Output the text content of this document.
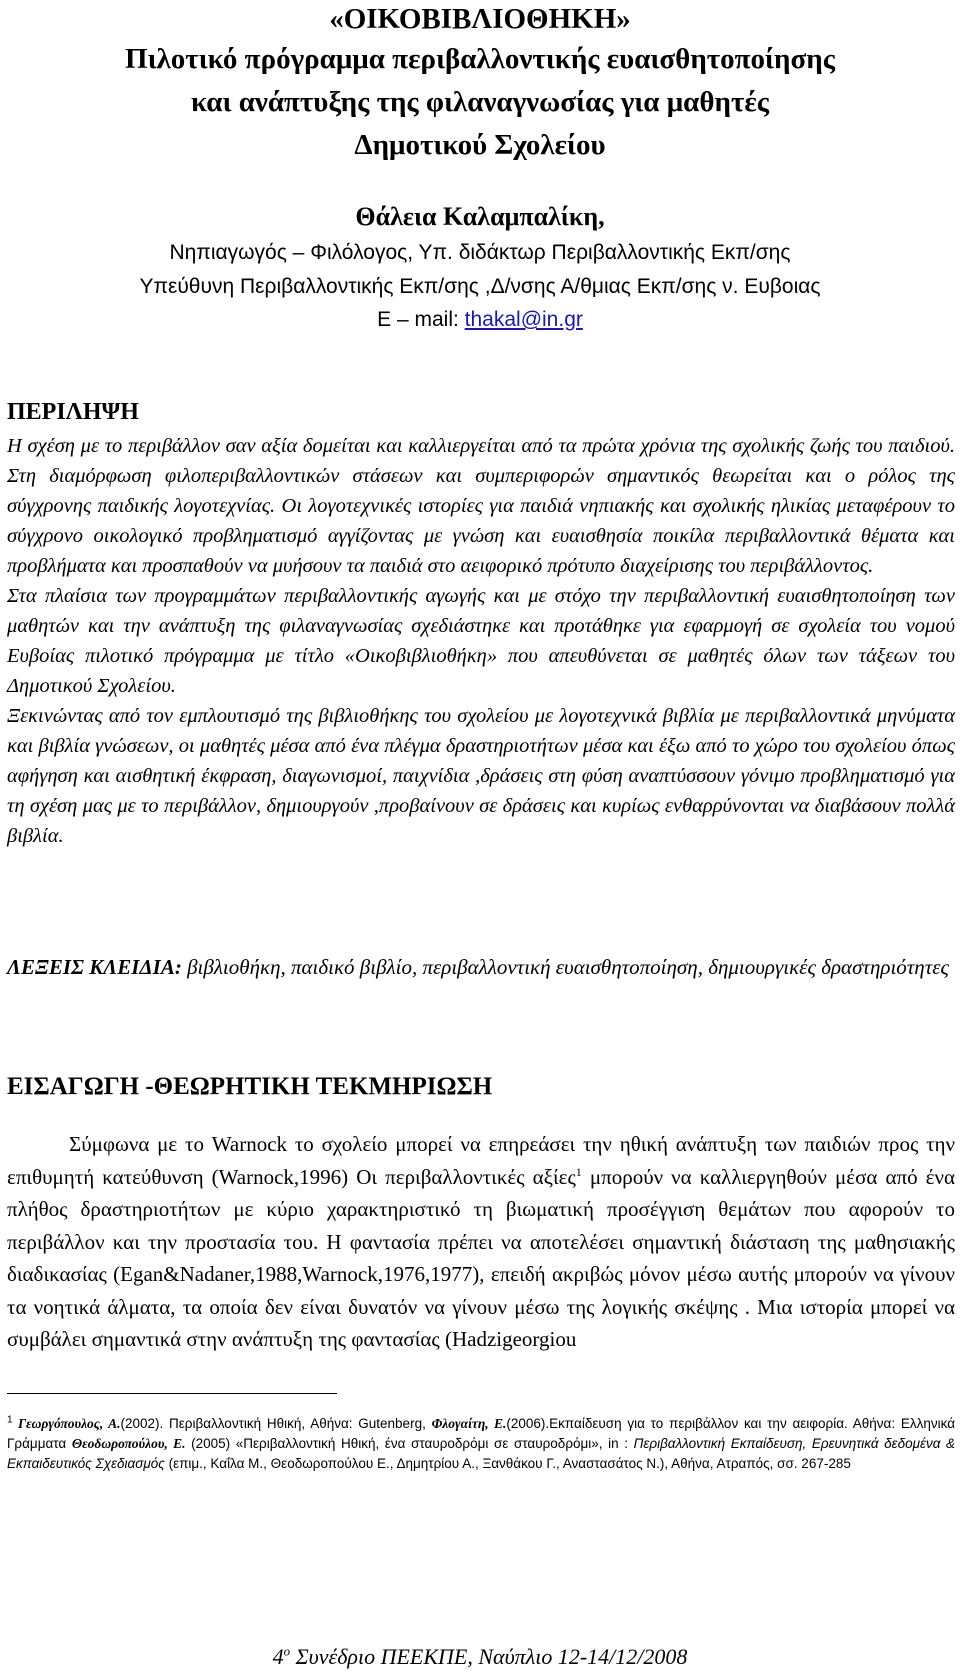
«ΟΙΚΟΒΙΒΛΙΟΘΗΚΗ»
Πιλοτικό πρόγραμμα περιβαλλοντικής ευαισθητοποίησης
και ανάπτυξης της φιλαναγνωσίας για μαθητές
Δημοτικού Σχολείου
Θάλεια Καλαμπαλίκη,
Νηπιαγωγός – Φιλόλογος, Υπ. διδάκτωρ Περιβαλλοντικής Εκπ/σης
Υπεύθυνη Περιβαλλοντικής Εκπ/σης ,Δ/νσης Α/θμιας Εκπ/σης ν. Ευβοιας
E – mail: thakal@in.gr
ΠΕΡΙΛΗΨΗ

Η σχέση με το περιβάλλον σαν αξία δομείται και καλλιεργείται από τα πρώτα χρόνια της σχολικής ζωής του παιδιού. Στη διαμόρφωση φιλοπεριβαλλοντικών στάσεων και συμπεριφορών σημαντικός θεωρείται και ο ρόλος της σύγχρονης παιδικής λογοτεχνίας. Οι λογοτεχνικές ιστορίες για παιδιά νηπιακής και σχολικής ηλικίας μεταφέρουν το σύγχρονο οικολογικό προβληματισμό αγγίζοντας με γνώση και ευαισθησία ποικίλα περιβαλλοντικά θέματα και προβλήματα και προσπαθούν να μυήσουν τα παιδιά στο αειφορικό πρότυπο διαχείρισης του περιβάλλοντος.

Στα πλαίσια των προγραμμάτων περιβαλλοντικής αγωγής και με στόχο την περιβαλλοντική ευαισθητοποίηση των μαθητών και την ανάπτυξη της φιλαναγνωσίας σχεδιάστηκε και προτάθηκε για εφαρμογή σε σχολεία του νομού Ευβοίας πιλοτικό πρόγραμμα με τίτλο «Οικοβιβλιοθήκη» που απευθύνεται σε μαθητές όλων των τάξεων του Δημοτικού Σχολείου.

Ξεκινώντας από τον εμπλουτισμό της βιβλιοθήκης του σχολείου με λογοτεχνικά βιβλία με περιβαλλοντικά μηνύματα και βιβλία γνώσεων, οι μαθητές μέσα από ένα πλέγμα δραστηριοτήτων μέσα και έξω από το χώρο του σχολείου όπως αφήγηση και αισθητική έκφραση, διαγωνισμοί, παιχνίδια ,δράσεις στη φύση αναπτύσσουν γόνιμο προβληματισμό για τη σχέση μας με το περιβάλλον, δημιουργούν ,προβαίνουν σε δράσεις και κυρίως ενθαρρύνονται να διαβάσουν πολλά βιβλία.

ΛΕΞΕΙΣ ΚΛΕΙΔΙΑ: βιβλιοθήκη, παιδικό βιβλίο, περιβαλλοντική ευαισθητοποίηση, δημιουργικές δραστηριότητες
ΕΙΣΑΓΩΓΗ -ΘΕΩΡΗΤΙΚΗ ΤΕΚΜΗΡΙΩΣΗ

Σύμφωνα με το Warnock το σχολείο μπορεί να επηρεάσει την ηθική ανάπτυξη των παιδιών προς την επιθυμητή κατεύθυνση (Warnock,1996) Οι περιβαλλοντικές αξίες$^1$ μπορούν να καλλιεργηθούν μέσα από ένα πλήθος δραστηριοτήτων με κύριο χαρακτηριστικό τη βιωματική προσέγγιση θεμάτων που αφορούν το περιβάλλον και την προστασία του. Η φαντασία πρέπει να αποτελέσει σημαντική διάσταση της μαθησιακής διαδικασίας (Egan&Nadaner,1988,Warnock,1976,1977), επειδή ακριβώς μόνον μέσω αυτής μπορούν να γίνουν τα νοητικά άλματα, τα οποία δεν είναι δυνατόν να γίνουν μέσω της λογικής σκέψης . Μια ιστορία μπορεί να συμβάλει σημαντικά στην ανάπτυξη της φαντασίας (Hadzigeorgiou

$^1$ Γεωργόπουλος, Α.(2002). Περιβαλλοντική Ηθική, Αθήνα: Gutenberg, Φλογαίτη, Ε.(2006).Εκπαίδευση για το περιβάλλον και την αειφορία. Αθήνα: Ελληνικά Γράμματα Θεοδωροπούλου, Ε. (2005) «Περιβαλλοντική Ηθική, ένα σταυροδρόμι σε σταυροδρόμι», in : Περιβαλλοντική Εκπαίδευση, Ερευνητικά δεδομένα & Εκπαιδευτικός Σχεδιασμός (επιμ., Καΐλα Μ., Θεοδωροπούλου Ε., Δημητρίου Α., Ξανθάκου Γ., Αναστασάτος Ν.), Αθήνα, Ατραπός, σσ. 267-285

$4^o$ Συνέδριο ΠΕΕΚΠΕ, Ναύπλιο 12-14/12/2008
